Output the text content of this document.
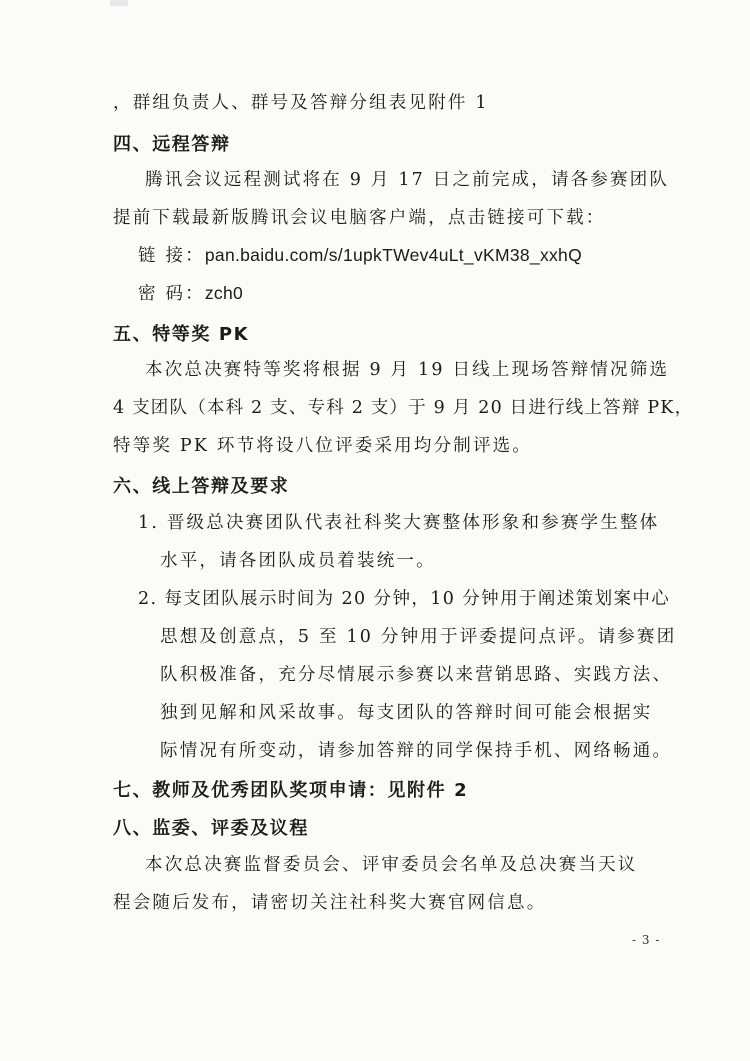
，群组负责人、群号及答辩分组表见附件 1
四、远程答辩
腾讯会议远程测试将在 9 月 17 日之前完成，请各参赛团队
提前下载最新版腾讯会议电脑客户端，点击链接可下载：
链 接：pan.baidu.com/s/1upkTWev4uLt_vKM38_xxhQ
密 码：zch0
五、特等奖 PK
本次总决赛特等奖将根据 9 月 19 日线上现场答辩情况筛选
4 支团队（本科 2 支、专科 2 支）于 9 月 20 日进行线上答辩 PK，
特等奖 PK 环节将设八位评委采用均分制评选。
六、线上答辩及要求
1. 晋级总决赛团队代表社科奖大赛整体形象和参赛学生整体
水平，请各团队成员着装统一。
2. 每支团队展示时间为 20 分钟，10 分钟用于阐述策划案中心
思想及创意点，5 至 10 分钟用于评委提问点评。请参赛团
队积极准备，充分尽情展示参赛以来营销思路、实践方法、
独到见解和风采故事。每支团队的答辩时间可能会根据实
际情况有所变动，请参加答辩的同学保持手机、网络畅通。
七、教师及优秀团队奖项申请：见附件 2
八、监委、评委及议程
本次总决赛监督委员会、评审委员会名单及总决赛当天议
程会随后发布，请密切关注社科奖大赛官网信息。
- 3 -
